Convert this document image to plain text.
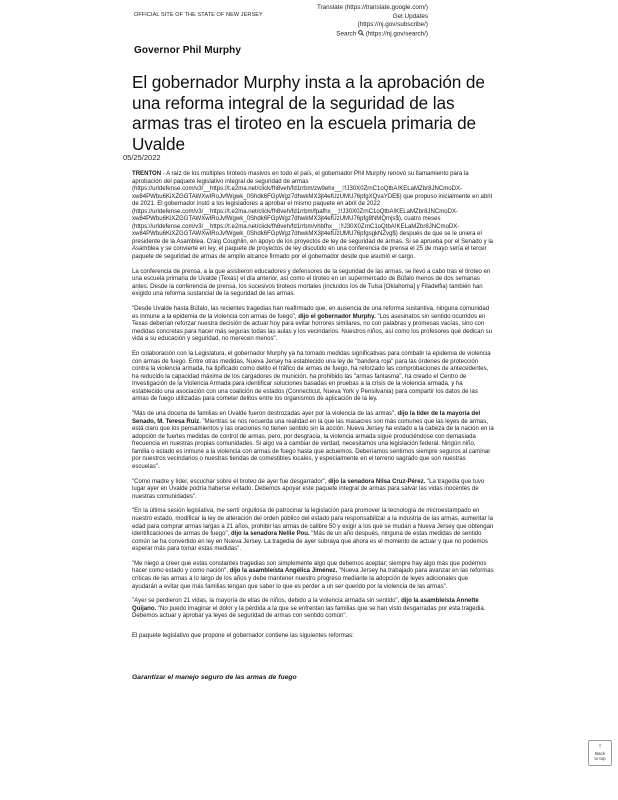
OFFICIAL SITE OF THE STATE OF NEW JERSEY
Translate (https://translate.google.com/)
Get Updates
(https://nj.gov/subscribe/)
Search (https://nj.gov/search/)
Governor Phil Murphy
El gobernador Murphy insta a la aprobación de una reforma integral de la seguridad de las armas tras el tiroteo en la escuela primaria de Uvalde
05/25/2022

TRENTON - A raíz de los múltiples tiroteos masivos en todo el país, el gobernador Phil Murphy renovó su llamamiento para la aprobación del paquete legislativo integral de seguridad de armas (https://urldefense.com/v3/__https://t.e2ma.net/click/fh8veh/fd1rrbm/zw9ehx__;!!J30X0ZrnC1oQtbA!KELaMZbr8JNCmoDX-xw84PWbu6KiXZGGTAWXwIRoJvfWgwk_0Shdk6FGpWgz7dhwkMX3jt4efUzUMU76pfgXQvaYDE$) que propuso inicialmente en abril de 2021. El gobernador instó a los legisladores a aprobar el mismo paquete en abril de 2022 (https://urldefense.com/v3/__https://t.e2ma.net/click/fh8veh/fd1rrbm/fpafhx__;!!J30X0ZrnC1oQtbA!KELaMZbr8JNCmoDX-xw84PWbu6KiXZGGTAWXwIRoJvfWgwk_0Shdk6FGpWgz7dhwkMX3jt4efUzUMU76pfg8NMQmjs$), cuatro meses (https://urldefense.com/v3/__https://t.e2ma.net/click/fh8veh/fd1rrbm/vhbfhx__;!!J30X0ZrnC1oQtbA!KELaMZbr8JNCmoDX-xw84PWbu6KiXZGGTAWXwIRoJvfWgwk_0Shdk6FGpWgz7dhwkMX3jt4efUzUMU76pfgsgkNZvg$) después de que se le uniera el presidente de la Asamblea, Craig Coughlin, en apoyo de los proyectos de ley de seguridad de armas. Si se aprueba por el Senado y la Asamblea y se convierte en ley, el paquete de proyectos de ley discutido en una conferencia de prensa el 25 de mayo sería el tercer paquete de seguridad de armas de amplio alcance firmado por el gobernador desde que asumió el cargo.

La conferencia de prensa, a la que asistieron educadores y defensores de la seguridad de las armas, se llevó a cabo tras el tiroteo en una escuela primaria de Uvalde (Texas) el día anterior, así como el tiroteo en un supermercado de Búfalo menos de dos semanas antes. Desde la conferencia de prensa, los sucesivos tiroteos mortales (incluidos los de Tulsa [Oklahoma] y Filadelfia) también han exigido una reforma sustancial de la seguridad de las armas.

"Desde Uvalde hasta Búfalo, las recientes tragedias han reafirmado que, en ausencia de una reforma sustantiva, ninguna comunidad es inmune a la epidemia de la violencia con armas de fuego", dijo el gobernador Murphy. "Los asesinatos sin sentido ocurridos en Texas deberían reforzar nuestra decisión de actuar hoy para evitar horrores similares, no con palabras y promesas vacías, sino con medidas concretas para hacer más seguras todas las aulas y los vecindarios. Nuestros niños, así como los profesores que dedican su vida a su educación y seguridad, no merecen menos".

En colaboración con la Legislatura, el gobernador Murphy ya ha tomado medidas significativas para combatir la epidemia de violencia con armas de fuego. Entre otras medidas, Nueva Jersey ha establecido una ley de "bandera roja" para las órdenes de protección contra la violencia armada, ha tipificado como delito el tráfico de armas de fuego, ha reforzado las comprobaciones de antecedentes, ha reducido la capacidad máxima de los cargadores de munición, ha prohibido las "armas fantasma", ha creado el Centro de Investigación de la Violencia Armada para identificar soluciones basadas en pruebas a la crisis de la violencia armada, y ha establecido una asociación con una coalición de estados (Connecticut, Nueva York y Pensilvania) para compartir los datos de las armas de fuego utilizadas para cometer delitos entre los organismos de aplicación de la ley.

"Más de una docena de familias en Uvalde fueron destrozadas ayer por la violencia de las armas", dijo la líder de la mayoría del Senado, M. Teresa Ruiz. "Mientras se nos recuerda una realidad en la que las masacres son más comunes que las leyes de armas, está claro que los pensamientos y las oraciones no tienen sentido sin la acción. Nueva Jersey ha estado a la cabeza de la nación en la adopción de fuertes medidas de control de armas, pero, por desgracia, la violencia armada sigue produciéndose con demasiada frecuencia en nuestras propias comunidades. Si algo va a cambiar de verdad, necesitamos una legislación federal. Ningún niño, familia o estado es inmune a la violencia con armas de fuego hasta que actuemos. Deberíamos sentirnos siempre seguros al caminar por nuestros vecindarios o nuestras tiendas de comestibles locales, y especialmente en el terreno sagrado que son nuestras escuelas".

"Como madre y líder, escuchar sobre el tiroteo de ayer fue desgarrador", dijo la senadora Nilsa Cruz-Pérez. "La tragedia que tuvo lugar ayer en Uvalde podría haberse evitado. Debemos apoyar este paquete integral de armas para salvar las vidas inocentes de nuestras comunidades".

"En la última sesión legislativa, me sentí orgullosa de patrocinar la legislación para promover la tecnología de microestampado en nuestro estado, modificar la ley de alteración del orden público del estado para responsabilizar a la industria de las armas, aumentar la edad para comprar armas largas a 21 años, prohibir las armas de calibre 50 y exigir a los que se mudan a Nueva Jersey que obtengan identificaciones de armas de fuego", dijo la senadora Nellie Pou. "Más de un año después, ninguna de estas medidas de sentido común se ha convertido en ley en Nueva Jersey. La tragedia de ayer subraya que ahora es el momento de actuar y que no podemos esperar más para tomar estas medidas".

"Me niego a creer que estas constantes tragedias son simplemente algo que debemos aceptar; siempre hay algo más que podemos hacer como estado y como nación", dijo la asambleísta Angélica Jiménez. "Nueva Jersey ha trabajado para avanzar en las reformas críticas de las armas a lo largo de los años y debe mantener nuestro progreso mediante la adopción de leyes adicionales que ayudarán a evitar que más familias tengan que saber lo que es perder a un ser querido por la violencia de las armas".

"Ayer se perdieron 21 vidas, la mayoría de ellas de niños, debido a la violencia armada sin sentido", dijo la asambleísta Annette Quijano. "No puedo imaginar el dolor y la pérdida a la que se enfrentan las familias que se han visto desgarradas por esta tragedia. Debemos actuar y aprobar ya leyes de seguridad de armas con sentido común".

El paquete legislativo que propone el gobernador contiene las siguientes reformas:

Garantizar el manejo seguro de las armas de fuego

↑
Back
to top
